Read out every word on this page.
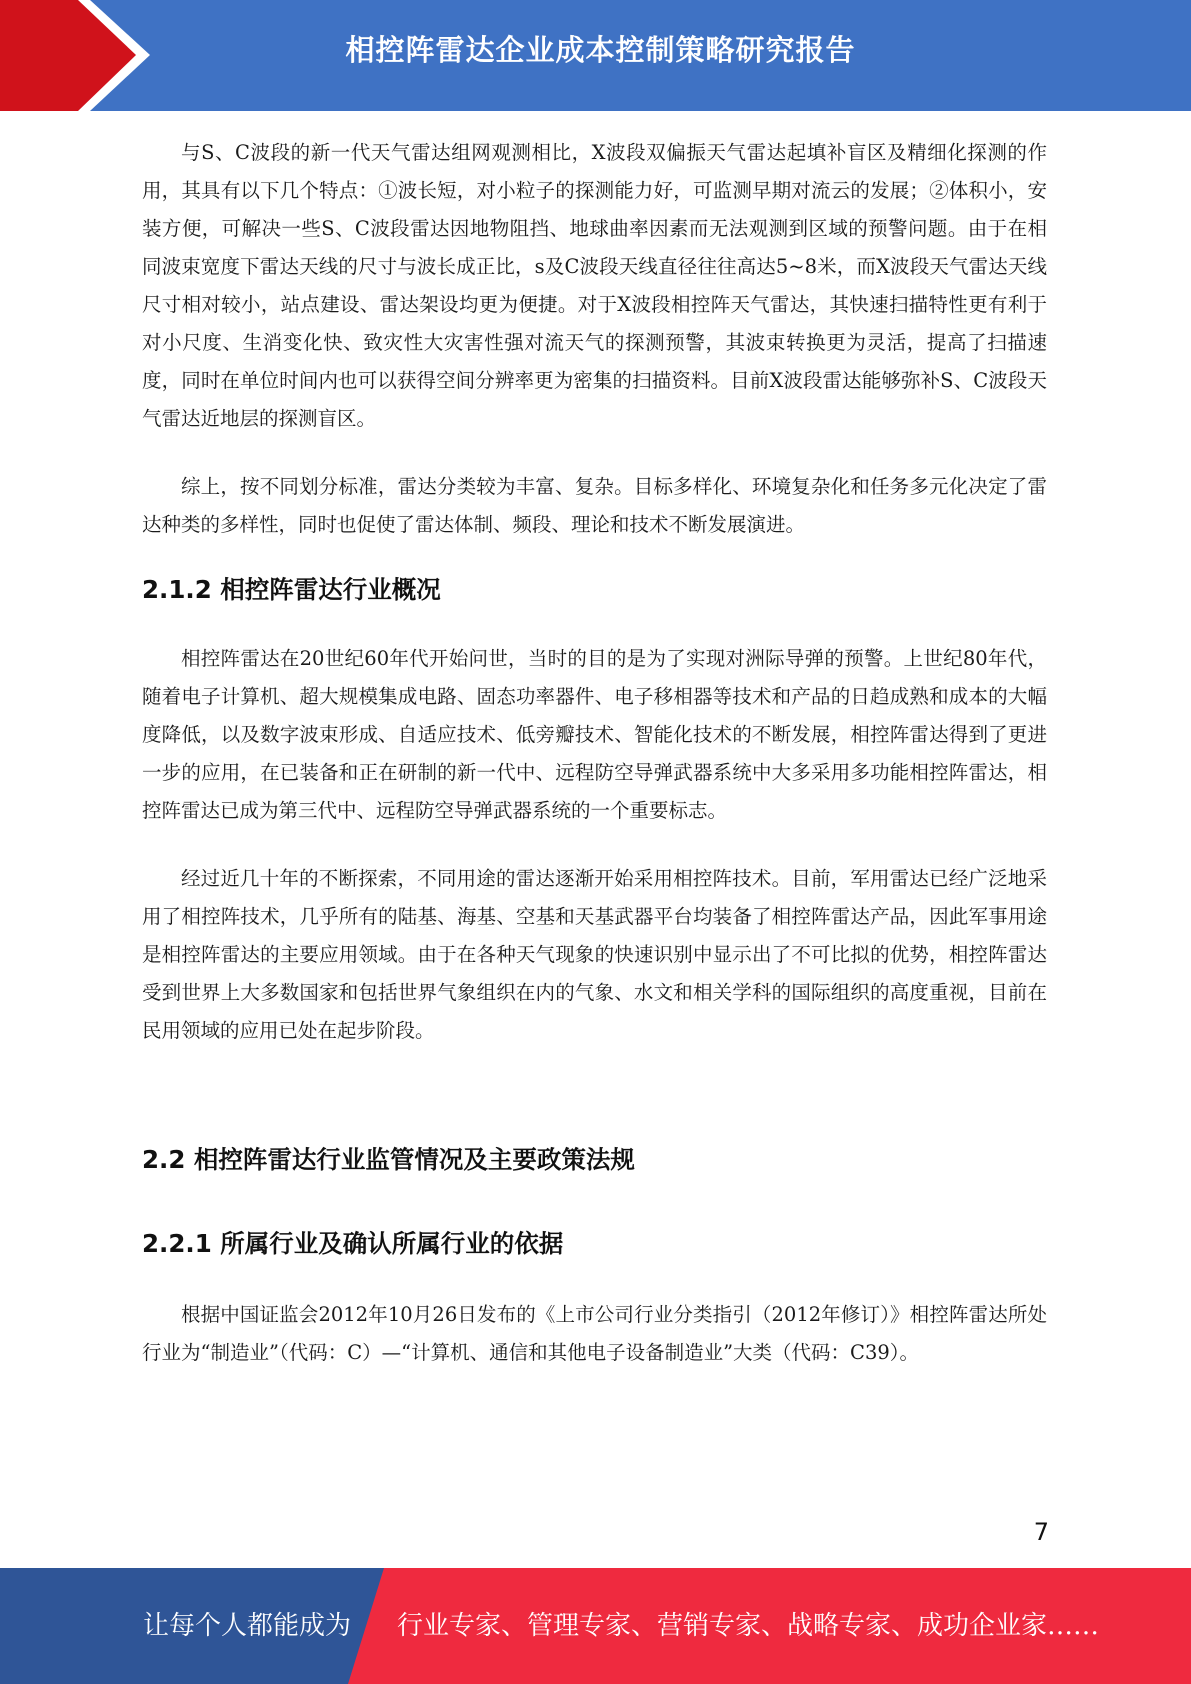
相控阵雷达企业成本控制策略研究报告

与S、C波段的新一代天气雷达组网观测相比，X波段双偏振天气雷达起填补盲区及精细化探测的作用，其具有以下几个特点：①波长短，对小粒子的探测能力好，可监测早期对流云的发展；②体积小，安装方便，可解决一些S、C波段雷达因地物阻挡、地球曲率因素而无法观测到区域的预警问题。由于在相同波束宽度下雷达天线的尺寸与波长成正比，s及C波段天线直径往往高达5~8米，而X波段天气雷达天线尺寸相对较小，站点建设、雷达架设均更为便捷。对于X波段相控阵天气雷达，其快速扫描特性更有利于对小尺度、生消变化快、致灾性大灾害性强对流天气的探测预警，其波束转换更为灵活，提高了扫描速度，同时在单位时间内也可以获得空间分辨率更为密集的扫描资料。目前X波段雷达能够弥补S、C波段天气雷达近地层的探测盲区。

综上，按不同划分标准，雷达分类较为丰富、复杂。目标多样化、环境复杂化和任务多元化决定了雷达种类的多样性，同时也促使了雷达体制、频段、理论和技术不断发展演进。

2.1.2 相控阵雷达行业概况

相控阵雷达在20世纪60年代开始问世，当时的目的是为了实现对洲际导弹的预警。上世纪80年代，随着电子计算机、超大规模集成电路、固态功率器件、电子移相器等技术和产品的日趋成熟和成本的大幅度降低，以及数字波束形成、自适应技术、低旁瓣技术、智能化技术的不断发展，相控阵雷达得到了更进一步的应用，在已装备和正在研制的新一代中、远程防空导弹武器系统中大多采用多功能相控阵雷达，相控阵雷达已成为第三代中、远程防空导弹武器系统的一个重要标志。

经过近几十年的不断探索，不同用途的雷达逐渐开始采用相控阵技术。目前，军用雷达已经广泛地采用了相控阵技术，几乎所有的陆基、海基、空基和天基武器平台均装备了相控阵雷达产品，因此军事用途是相控阵雷达的主要应用领域。由于在各种天气现象的快速识别中显示出了不可比拟的优势，相控阵雷达受到世界上大多数国家和包括世界气象组织在内的气象、水文和相关学科的国际组织的高度重视，目前在民用领域的应用已处在起步阶段。

2.2 相控阵雷达行业监管情况及主要政策法规
2.2.1 所属行业及确认所属行业的依据

根据中国证监会2012年10月26日发布的《上市公司行业分类指引（2012年修订）》相控阵雷达所处行业为“制造业”（代码：C）—“计算机、通信和其他电子设备制造业”大类（代码：C39）。

7
让每个人都能成为 行业专家、管理专家、营销专家、战略专家、成功企业家……
